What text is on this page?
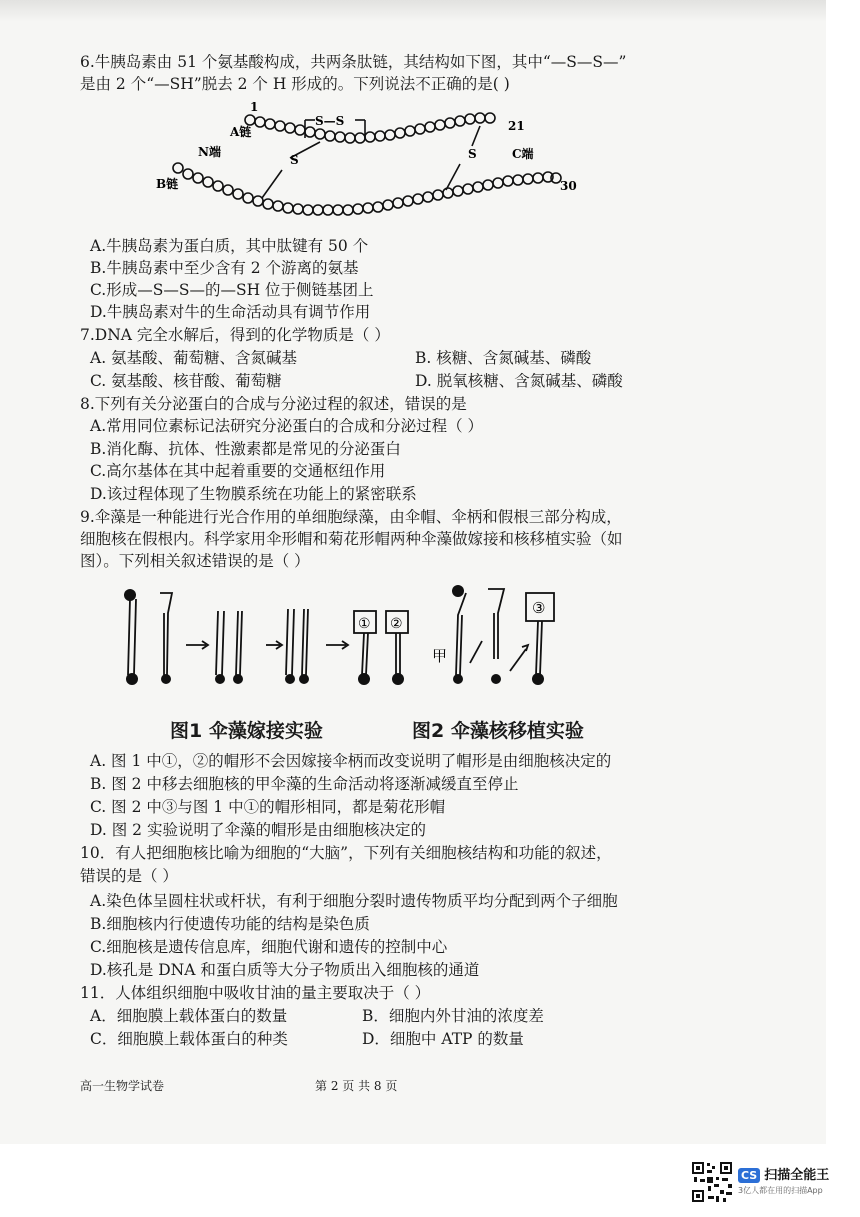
6.牛胰岛素由 51 个氨基酸构成，共两条肽链，其结构如下图，其中“—S—S—”
是由 2 个“—SH”脱去 2 个 H 形成的。下列说法不正确的是( )
1
A链
N端
B链
S—S
S	S
21
C端
30
A.牛胰岛素为蛋白质，其中肽键有 50 个
B.牛胰岛素中至少含有 2 个游离的氨基
C.形成—S—S—的—SH 位于侧链基团上
D.牛胰岛素对牛的生命活动具有调节作用
7.DNA 完全水解后，得到的化学物质是（ ）
A. 氨基酸、葡萄糖、含氮碱基	B. 核糖、含氮碱基、磷酸
C. 氨基酸、核苷酸、葡萄糖	D. 脱氧核糖、含氮碱基、磷酸
8.下列有关分泌蛋白的合成与分泌过程的叙述，错误的是
A.常用同位素标记法研究分泌蛋白的合成和分泌过程（ ）
B.消化酶、抗体、性激素都是常见的分泌蛋白
C.高尔基体在其中起着重要的交通枢纽作用
D.该过程体现了生物膜系统在功能上的紧密联系
9.伞藻是一种能进行光合作用的单细胞绿藻，由伞帽、伞柄和假根三部分构成，
细胞核在假根内。科学家用伞形帽和菊花形帽两种伞藻做嫁接和核移植实验（如
图）。下列相关叙述错误的是（ ）
① ②
③
甲
图1 伞藻嫁接实验	图2 伞藻核移植实验
A. 图 1 中①，②的帽形不会因嫁接伞柄而改变说明了帽形是由细胞核决定的
B. 图 2 中移去细胞核的甲伞藻的生命活动将逐渐减缓直至停止
C. 图 2 中③与图 1 中①的帽形相同，都是菊花形帽
D. 图 2 实验说明了伞藻的帽形是由细胞核决定的
10．有人把细胞核比喻为细胞的“大脑”，下列有关细胞核结构和功能的叙述，
错误的是（ ）
A.染色体呈圆柱状或杆状，有利于细胞分裂时遗传物质平均分配到两个子细胞
B.细胞核内行使遗传功能的结构是染色质
C.细胞核是遗传信息库，细胞代谢和遗传的控制中心
D.核孔是 DNA 和蛋白质等大分子物质出入细胞核的通道
11．人体组织细胞中吸收甘油的量主要取决于（ ）
A．细胞膜上载体蛋白的数量	B．细胞内外甘油的浓度差
C．细胞膜上载体蛋白的种类	D．细胞中 ATP 的数量
高一生物学试卷	第 2 页 共 8 页
CS 扫描全能王
3亿人都在用的扫描App
